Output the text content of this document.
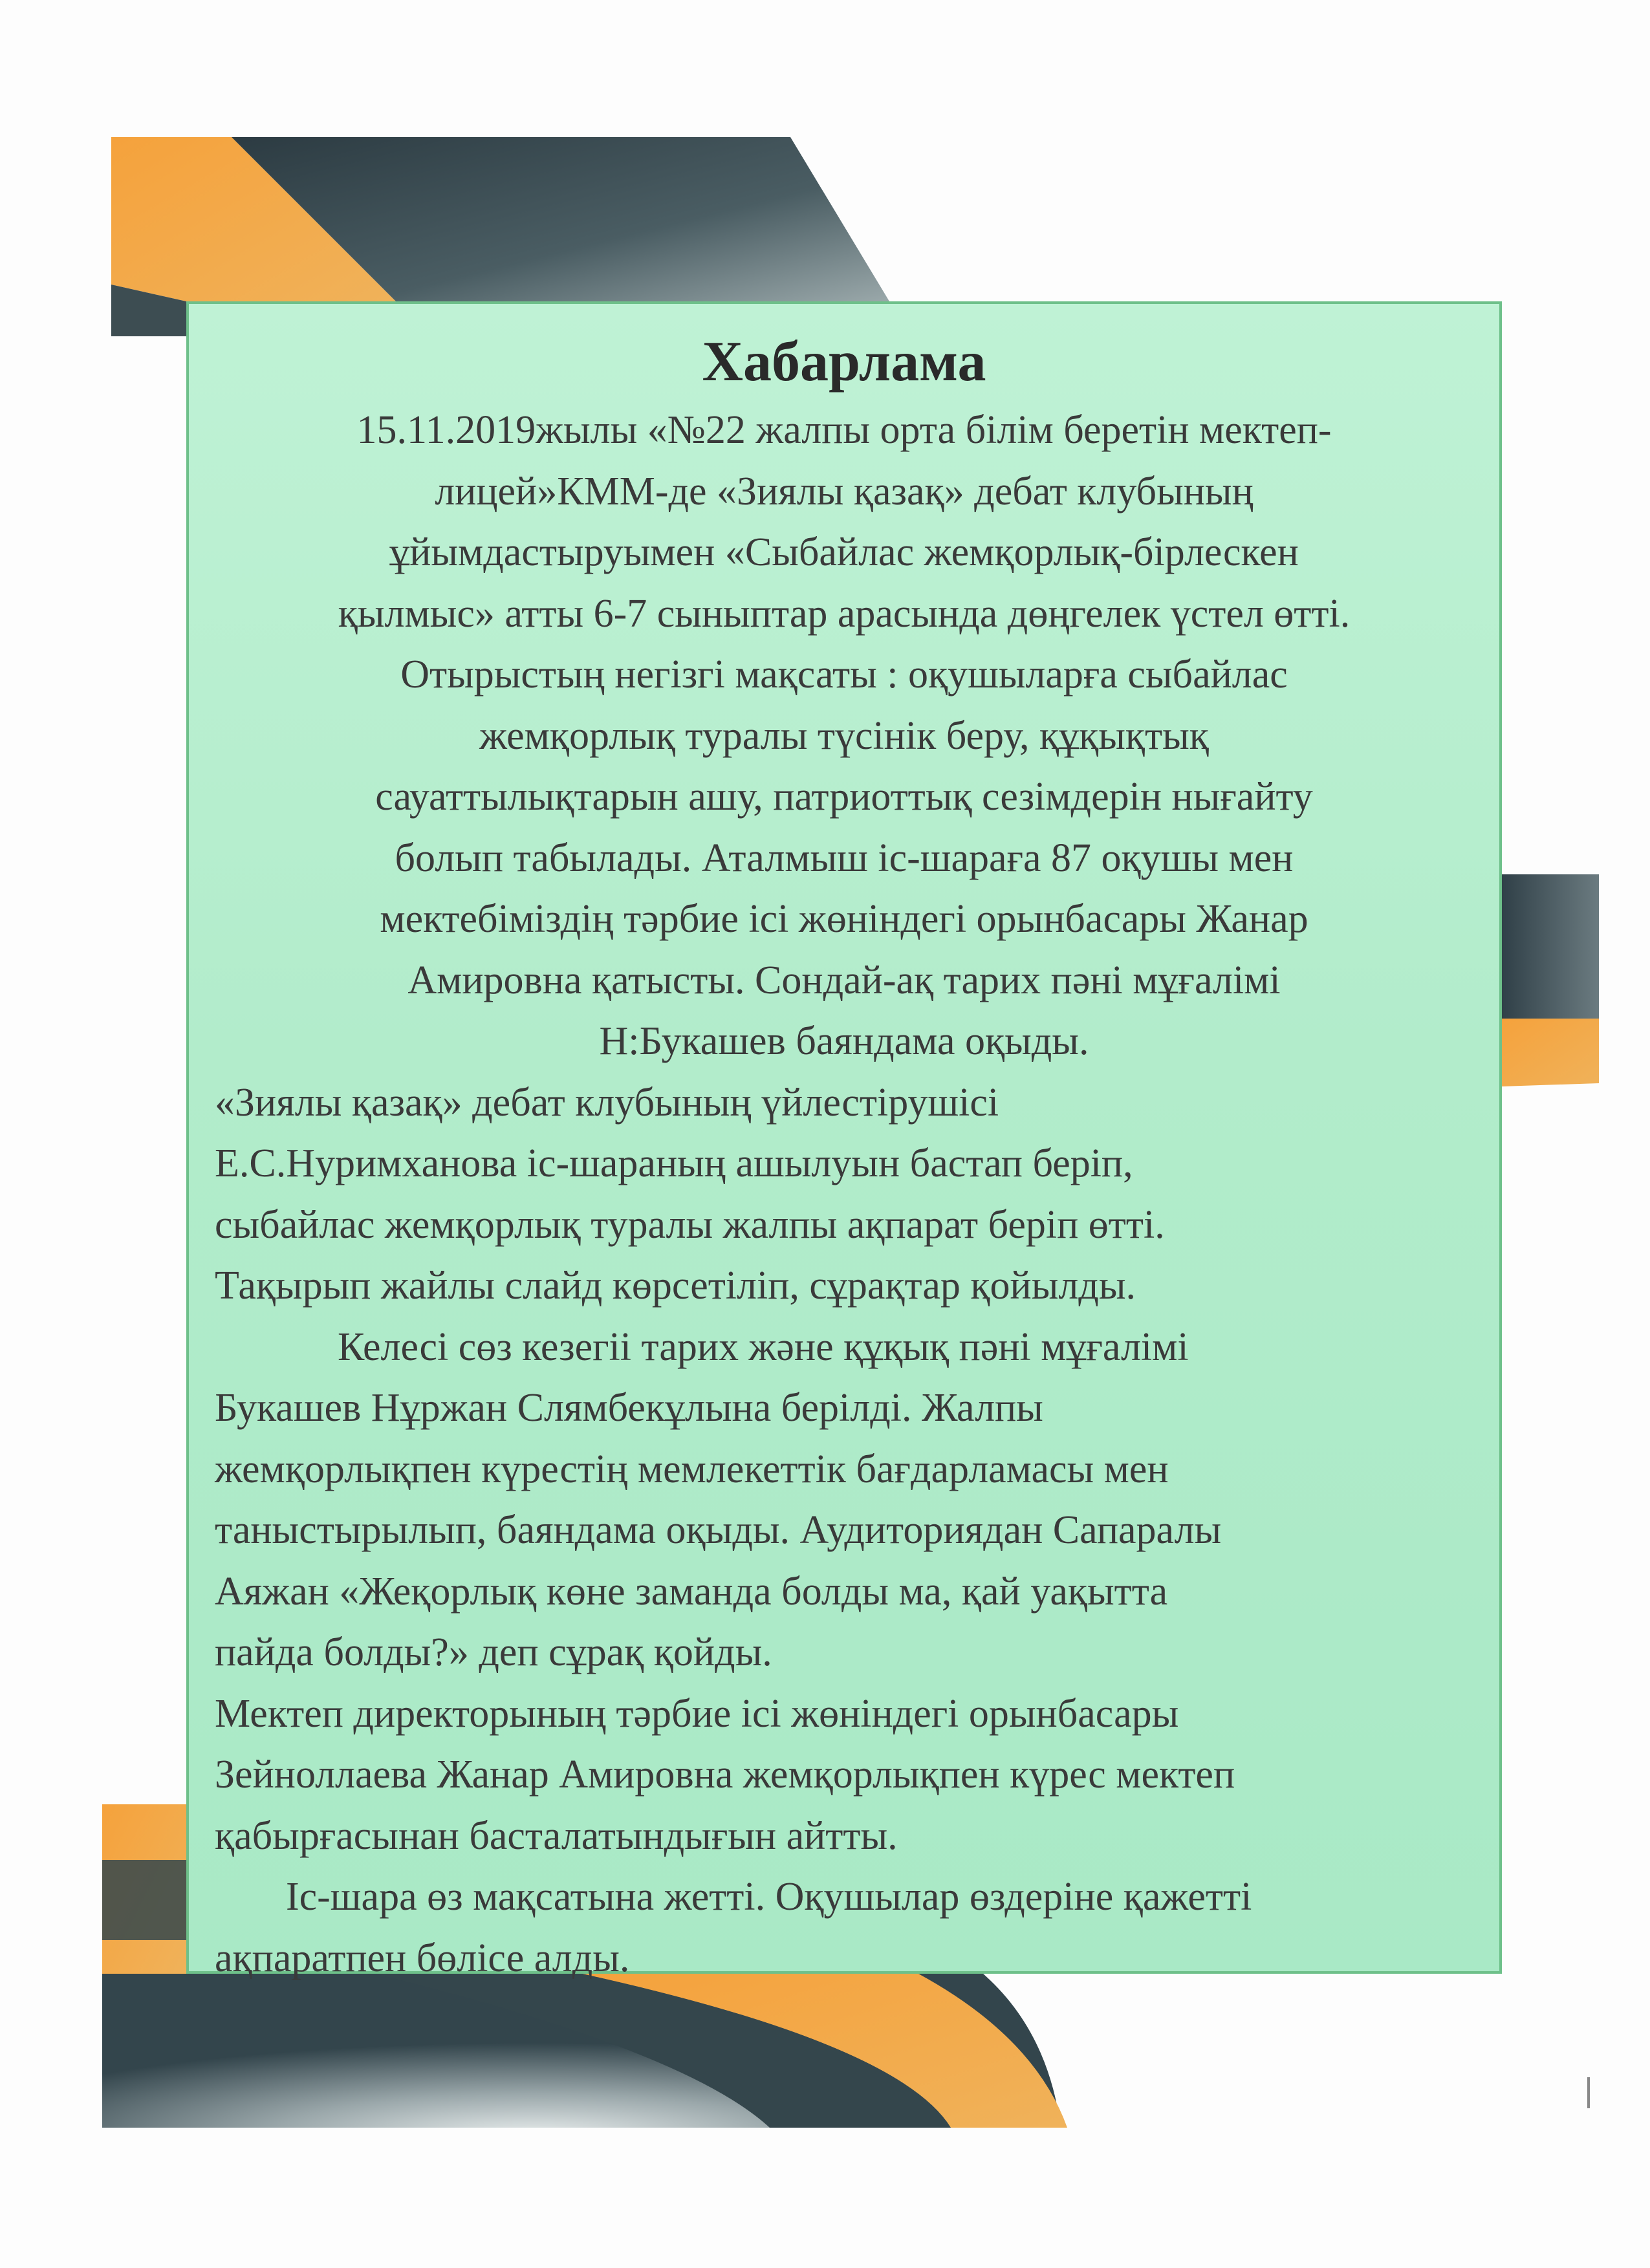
Хабарлама

15.11.2019жылы «№22 жалпы орта білім беретін мектеп-
лицей»КММ-де «Зиялы қазақ» дебат клубының
ұйымдастыруымен «Сыбайлас жемқорлық-бірлескен
қылмыс» атты 6-7 сыныптар арасында дөңгелек үстел өтті.
Отырыстың негізгі мақсаты : оқушыларға сыбайлас
жемқорлық туралы түсінік беру, құқықтық
сауаттылықтарын ашу, патриоттық сезімдерін нығайту
болып табылады. Аталмыш іс-шараға 87 оқушы мен
мектебіміздің тәрбие ісі жөніндегі орынбасары Жанар
Амировна қатысты. Сондай-ақ тарих пәні мұғалімі
Н:Букашев баяндама оқыды.

«Зиялы қазақ» дебат клубының үйлестірушісі
Е.С.Нуримханова іс-шараның ашылуын бастап беріп,
сыбайлас жемқорлық туралы жалпы ақпарат беріп өтті.
Тақырып жайлы слайд көрсетіліп, сұрақтар қойылды.

Келесі сөз кезегіі тарих және құқық пәні мұғалімі
Букашев Нұржан Слямбекұлына берілді. Жалпы
жемқорлықпен күрестің мемлекеттік бағдарламасы мен
таныстырылып, баяндама оқыды. Аудиториядан Сапаралы
Аяжан «Жеқорлық көне заманда болды ма, қай уақытта
пайда болды?» деп сұрақ қойды.

Мектеп директорының тәрбие ісі жөніндегі орынбасары
Зейноллаева Жанар Амировна жемқорлықпен күрес мектеп
қабырғасынан басталатындығын айтты.

Іс-шара өз мақсатына жетті. Оқушылар өздеріне қажетті
ақпаратпен бөлісе алды.
